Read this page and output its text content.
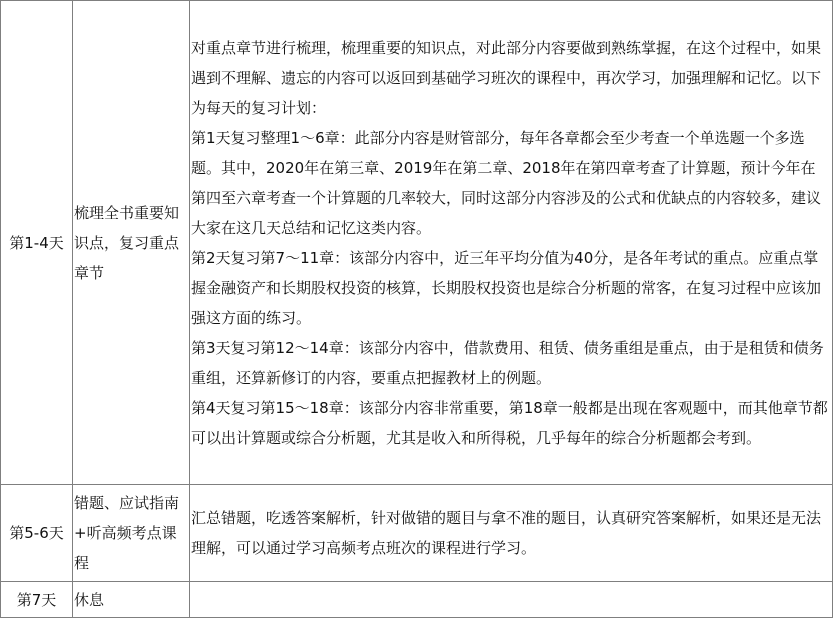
第1-4天	梳理全书重要知识点，复习重点章节	对重点章节进行梳理，梳理重要的知识点，对此部分内容要做到熟练掌握，在这个过程中，如果遇到不理解、遗忘的内容可以返回到基础学习班次的课程中，再次学习，加强理解和记忆。以下为每天的复习计划：
第1天复习整理1～6章：此部分内容是财管部分，每年各章都会至少考查一个单选题一个多选题。其中，2020年在第三章、2019年在第二章、2018年在第四章考查了计算题，预计今年在第四至六章考查一个计算题的几率较大，同时这部分内容涉及的公式和优缺点的内容较多，建议大家在这几天总结和记忆这类内容。
第2天复习第7～11章：该部分内容中，近三年平均分值为40分，是各年考试的重点。应重点掌握金融资产和长期股权投资的核算，长期股权投资也是综合分析题的常客，在复习过程中应该加强这方面的练习。
第3天复习第12～14章：该部分内容中，借款费用、租赁、债务重组是重点，由于是租赁和债务重组，还算新修订的内容，要重点把握教材上的例题。
第4天复习第15～18章：该部分内容非常重要，第18章一般都是出现在客观题中，而其他章节都可以出计算题或综合分析题，尤其是收入和所得税，几乎每年的综合分析题都会考到。

第5-6天	错题、应试指南+听高频考点课程	汇总错题，吃透答案解析，针对做错的题目与拿不准的题目，认真研究答案解析，如果还是无法理解，可以通过学习高频考点班次的课程进行学习。

第7天	休息	
